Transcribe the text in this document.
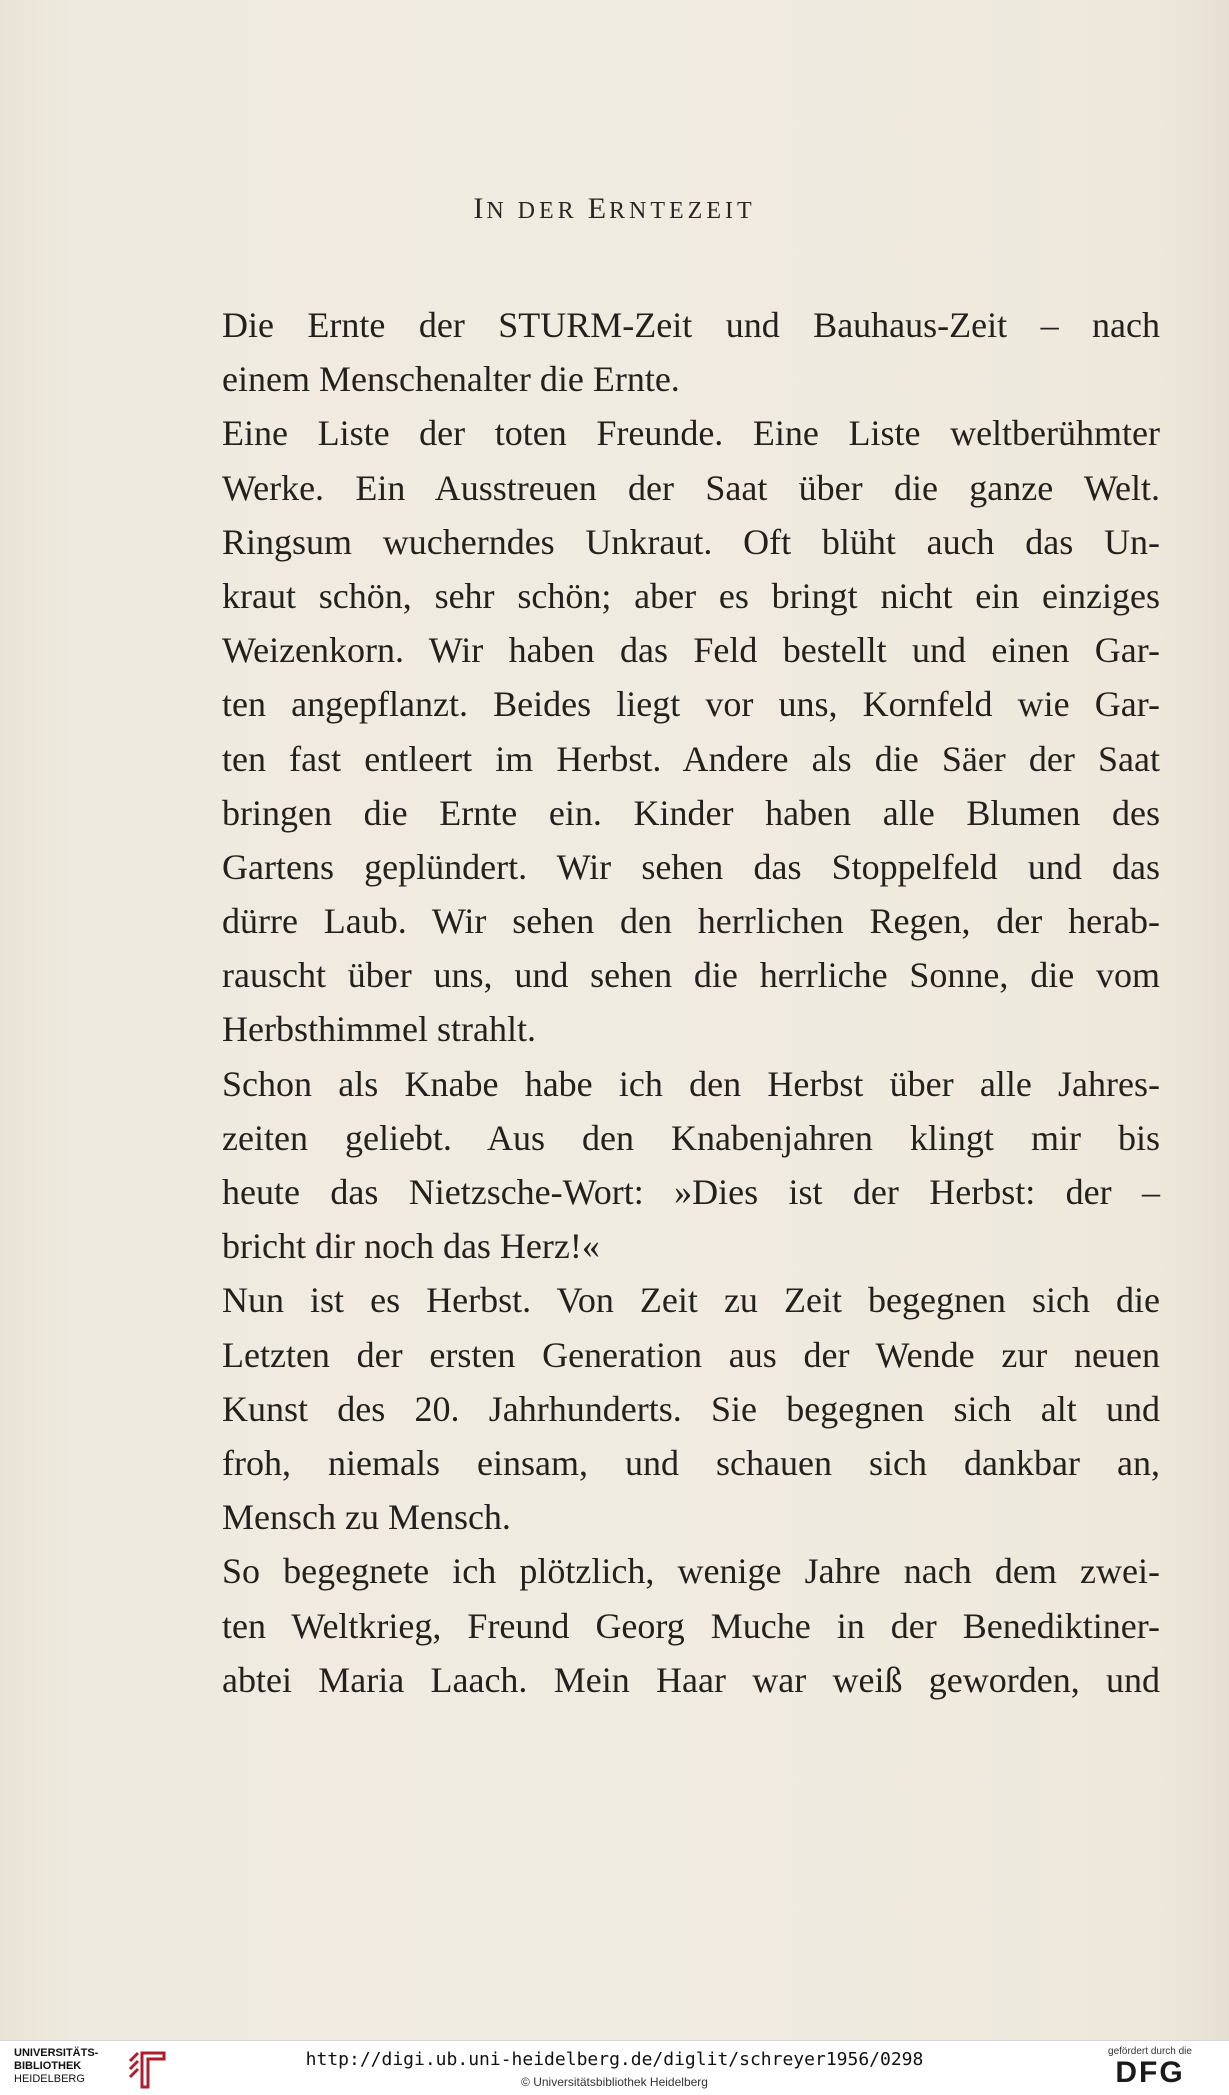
IN DER ERNTEZEIT
Die Ernte der STURM-Zeit und Bauhaus-Zeit – nach
einem Menschenalter die Ernte.
Eine Liste der toten Freunde. Eine Liste weltberühmter
Werke. Ein Ausstreuen der Saat über die ganze Welt.
Ringsum wucherndes Unkraut. Oft blüht auch das Un-
kraut schön, sehr schön; aber es bringt nicht ein einziges
Weizenkorn. Wir haben das Feld bestellt und einen Gar-
ten angepflanzt. Beides liegt vor uns, Kornfeld wie Gar-
ten fast entleert im Herbst. Andere als die Säer der Saat
bringen die Ernte ein. Kinder haben alle Blumen des
Gartens geplündert. Wir sehen das Stoppelfeld und das
dürre Laub. Wir sehen den herrlichen Regen, der herab-
rauscht über uns, und sehen die herrliche Sonne, die vom
Herbsthimmel strahlt.
Schon als Knabe habe ich den Herbst über alle Jahres-
zeiten geliebt. Aus den Knabenjahren klingt mir bis
heute das Nietzsche-Wort: »Dies ist der Herbst: der –
bricht dir noch das Herz!«
Nun ist es Herbst. Von Zeit zu Zeit begegnen sich die
Letzten der ersten Generation aus der Wende zur neuen
Kunst des 20. Jahrhunderts. Sie begegnen sich alt und
froh, niemals einsam, und schauen sich dankbar an,
Mensch zu Mensch.
So begegnete ich plötzlich, wenige Jahre nach dem zwei-
ten Weltkrieg, Freund Georg Muche in der Benediktiner-
abtei Maria Laach. Mein Haar war weiß geworden, und
UNIVERSITÄTS-
BIBLIOTHEK
HEIDELBERG
http://digi.ub.uni-heidelberg.de/diglit/schreyer1956/0298
© Universitätsbibliothek Heidelberg
gefördert durch die
DFG
